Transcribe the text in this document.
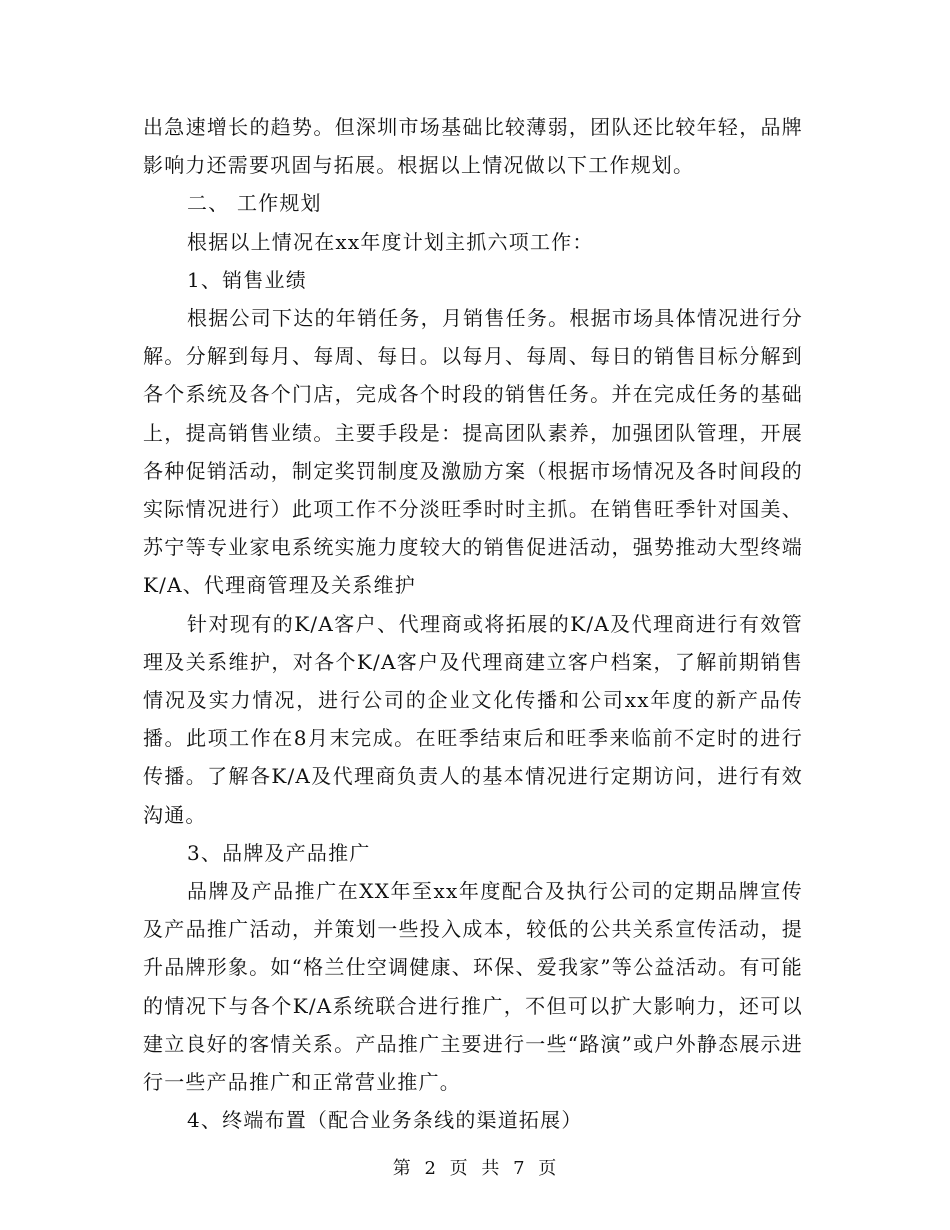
出急速增长的趋势。但深圳市场基础比较薄弱，团队还比较年轻，品牌影响力还需要巩固与拓展。根据以上情况做以下工作规划。

二、 工作规划

根据以上情况在xx年度计划主抓六项工作：

1、销售业绩

根据公司下达的年销任务，月销售任务。根据市场具体情况进行分解。分解到每月、每周、每日。以每月、每周、每日的销售目标分解到各个系统及各个门店，完成各个时段的销售任务。并在完成任务的基础上，提高销售业绩。主要手段是：提高团队素养，加强团队管理，开展各种促销活动，制定奖罚制度及激励方案（根据市场情况及各时间段的实际情况进行）此项工作不分淡旺季时时主抓。在销售旺季针对国美、苏宁等专业家电系统实施力度较大的销售促进活动，强势推动大型终端K/A、代理商管理及关系维护

针对现有的K/A客户、代理商或将拓展的K/A及代理商进行有效管理及关系维护，对各个K/A客户及代理商建立客户档案，了解前期销售情况及实力情况，进行公司的企业文化传播和公司xx年度的新产品传播。此项工作在8月末完成。在旺季结束后和旺季来临前不定时的进行传播。了解各K/A及代理商负责人的基本情况进行定期访问，进行有效沟通。

3、品牌及产品推广

品牌及产品推广在XX年至xx年度配合及执行公司的定期品牌宣传及产品推广活动，并策划一些投入成本，较低的公共关系宣传活动，提升品牌形象。如“格兰仕空调健康、环保、爱我家”等公益活动。有可能的情况下与各个K/A系统联合进行推广，不但可以扩大影响力，还可以建立良好的客情关系。产品推广主要进行一些“路演”或户外静态展示进行一些产品推广和正常营业推广。

4、终端布置（配合业务条线的渠道拓展）

第 2 页 共 7 页
